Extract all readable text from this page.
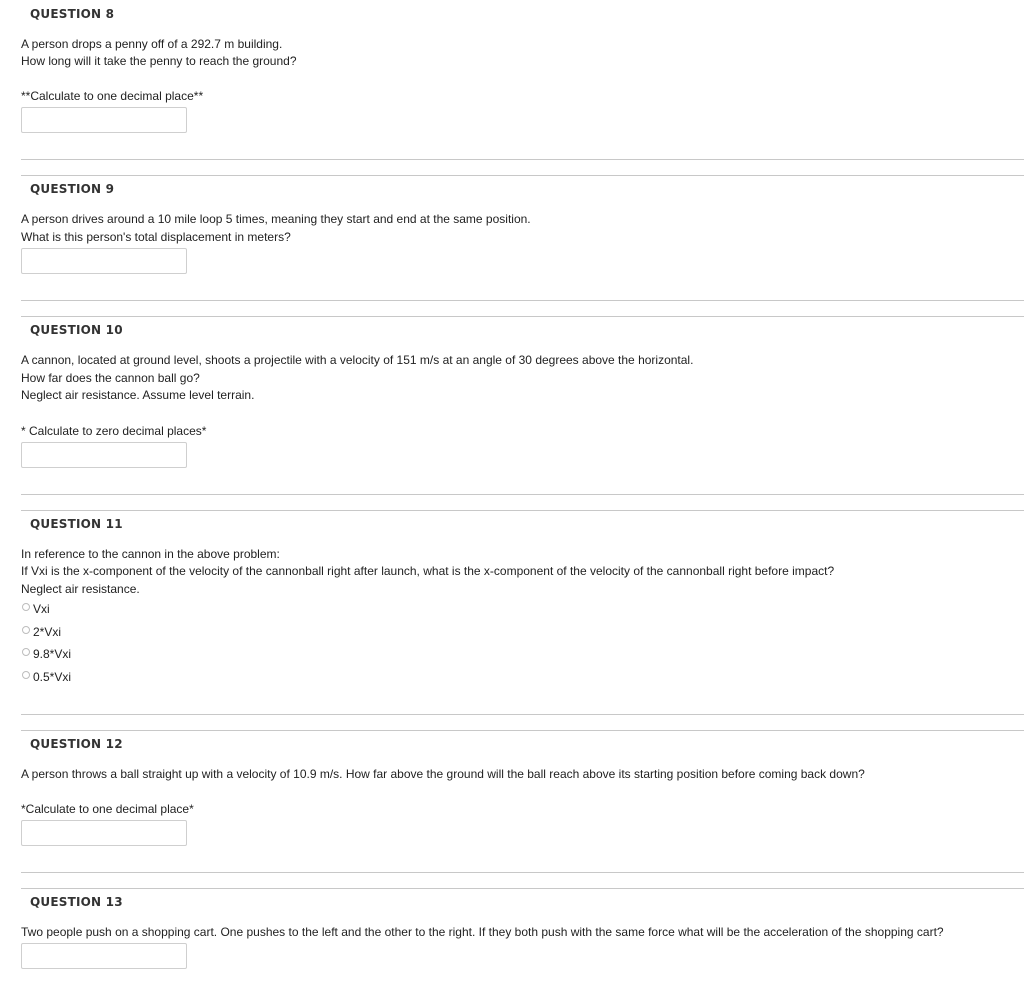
QUESTION 8
A person drops a penny off of a 292.7 m building.
How long will it take the penny to reach the ground?
**Calculate to one decimal place**
QUESTION 9
A person drives around a 10 mile loop 5 times, meaning they start and end at the same position.
What is this person's total displacement in meters?
QUESTION 10
A cannon, located at ground level, shoots a projectile with a velocity of 151 m/s at an angle of 30 degrees above the horizontal.
How far does the cannon ball go?
Neglect air resistance. Assume level terrain.
* Calculate to zero decimal places*
QUESTION 11
In reference to the cannon in the above problem:
If Vxi is the x-component of the velocity of the cannonball right after launch, what is the x-component of the velocity of the cannonball right before impact?
Neglect air resistance.
Vxi
2*Vxi
9.8*Vxi
0.5*Vxi
QUESTION 12
A person throws a ball straight up with a velocity of 10.9 m/s. How far above the ground will the ball reach above its starting position before coming back down?
*Calculate to one decimal place*
QUESTION 13
Two people push on a shopping cart. One pushes to the left and the other to the right. If they both push with the same force what will be the acceleration of the shopping cart?
